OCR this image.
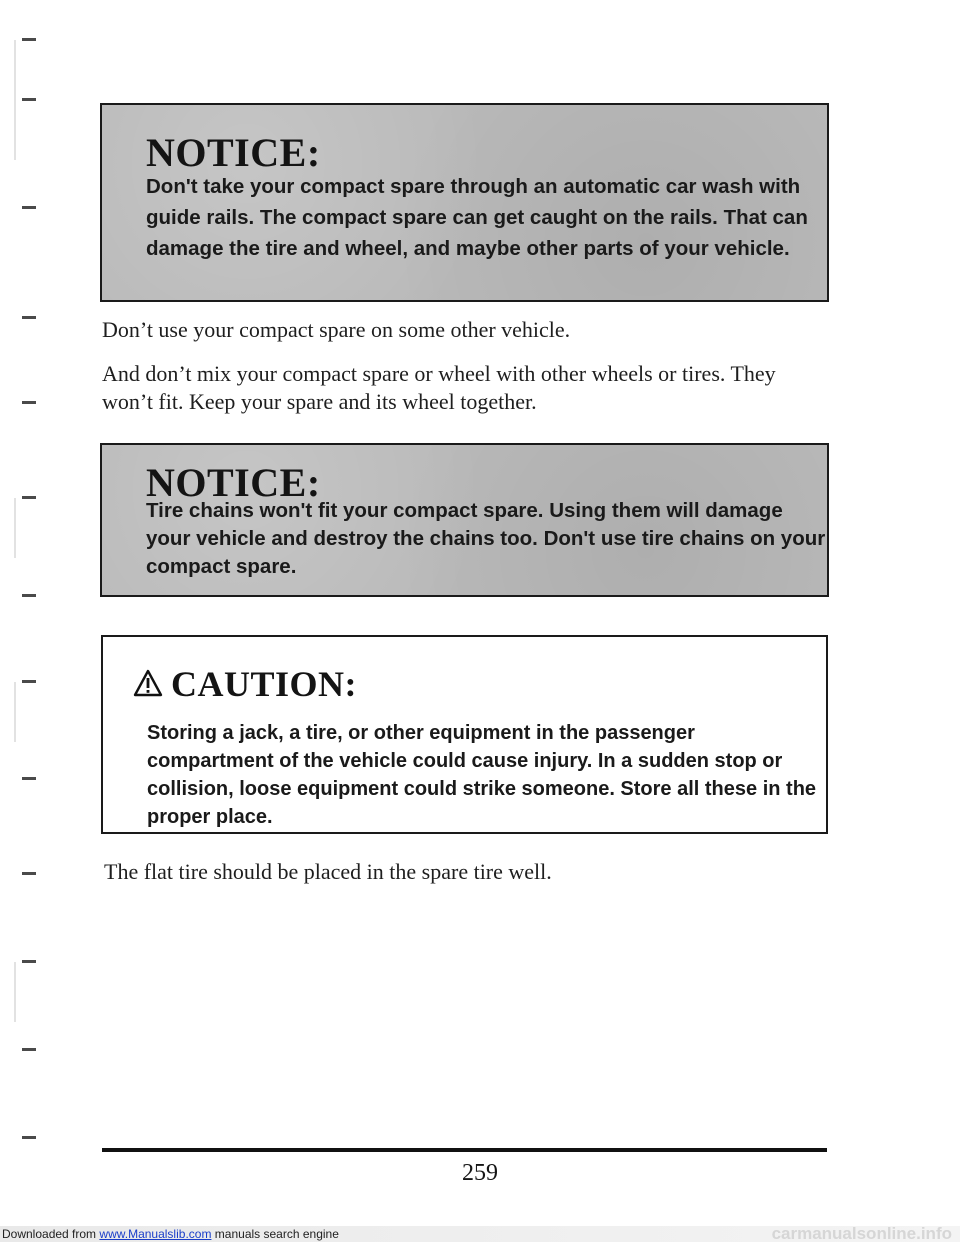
NOTICE:
Don't take your compact spare through an automatic car wash with guide rails. The compact spare can get caught on the rails. That can damage the tire and wheel, and maybe other parts of your vehicle.
Don’t use your compact spare on some other vehicle.
And don’t mix your compact spare or wheel with other wheels or tires. They won’t fit. Keep your spare and its wheel together.
NOTICE:
Tire chains won't fit your compact spare. Using them will damage your vehicle and destroy the chains too. Don't use tire chains on your compact spare.
CAUTION:
Storing a jack, a tire, or other equipment in the passenger compartment of the vehicle could cause injury. In a sudden stop or collision, loose equipment could strike someone. Store all these in the proper place.
The flat tire should be placed in the spare tire well.
259
Downloaded from www.Manualslib.com manuals search engine	carmanualsonline.info
